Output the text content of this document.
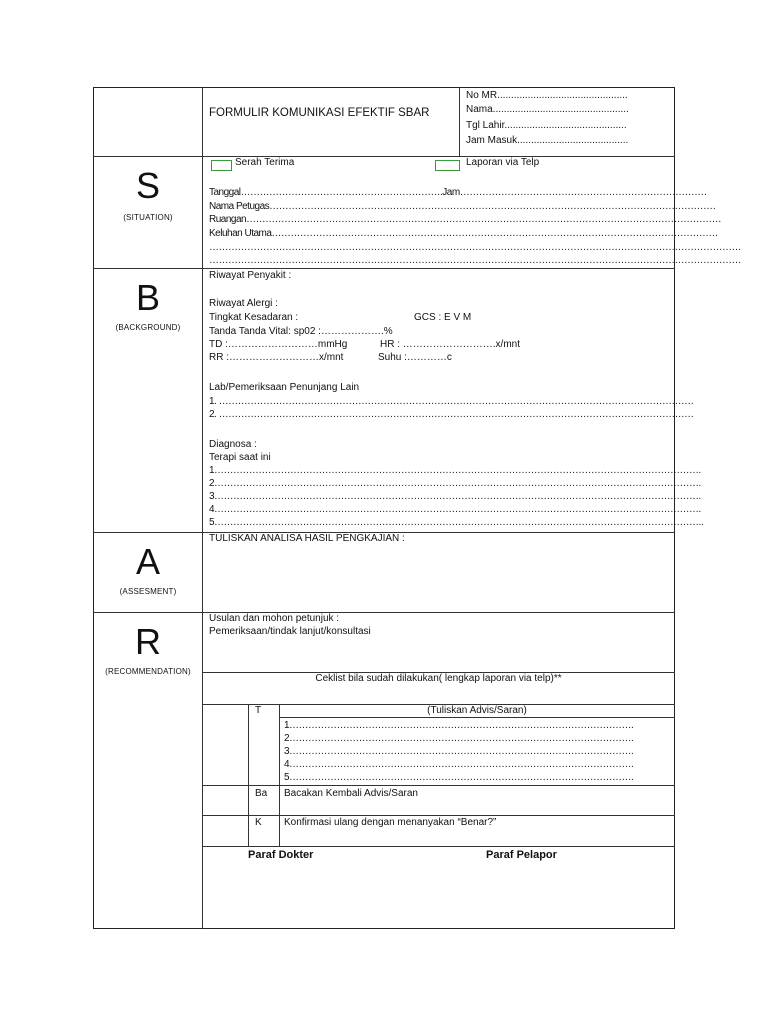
FORMULIR KOMUNIKASI EFEKTIF SBAR
No MR...............................................
Nama.................................................
Tgl Lahir............................................
Jam Masuk........................................
S
(SITUATION)
Serah Terima	Laporan via Telp
Tanggal……………………………………………………….Jam……………………………………………………………………
Nama Petugas……………………………………………………………………………………………………………………………
Ruangan……………………………………………………………………………………………………………………………………
Keluhan Utama……………………………………………………………………………………………………………………………
……………………………………………………………………………………………………………………………………………………
……………………………………………………………………………………………………………………………………………………
B
(BACKGROUND)
Riwayat Penyakit :
Riwayat Alergi :
Tingkat Kesadaran :	GCS : E V M
Tanda Tanda Vital: sp02 :……………….%
TD :………………………mmHg	HR : ……………………….x/mnt
RR :………………………x/mnt	Suhu :…………c
Lab/Pemeriksaan Penunjang Lain
1. ……………………………………………………………………………………………………………………………………
2. ……………………………………………………………………………………………………………………………………
Diagnosa :
Terapi saat ini
1……………………………………………………………………………………………………………………………………….
2……………………………………………………………………………………………………………………………………….
3……………………………………………………………………………………………………………………………………….
4……………………………………………………………………………………………………………………………………….
5………………………………………………………………………………………………………………………………………..
A
(ASSESMENT)
TULISKAN ANALISA HASIL PENGKAJIAN :
R
(RECOMMENDATION)
Usulan dan mohon petunjuk :
Pemeriksaan/tindak lanjut/konsultasi
Ceklist bila sudah dilakukan( lengkap laporan via telp)**
T	(Tuliskan Advis/Saran)
1……………………………………………………………………………………………….
2……………………………………………………………………………………………….
3……………………………………………………………………………………………….
4……………………………………………………………………………………………….
5……………………………………………………………………………………………….
Ba Bacakan Kembali Advis/Saran
K Konfirmasi ulang dengan menanyakan “Benar?”
Paraf Dokter	Paraf Pelapor
